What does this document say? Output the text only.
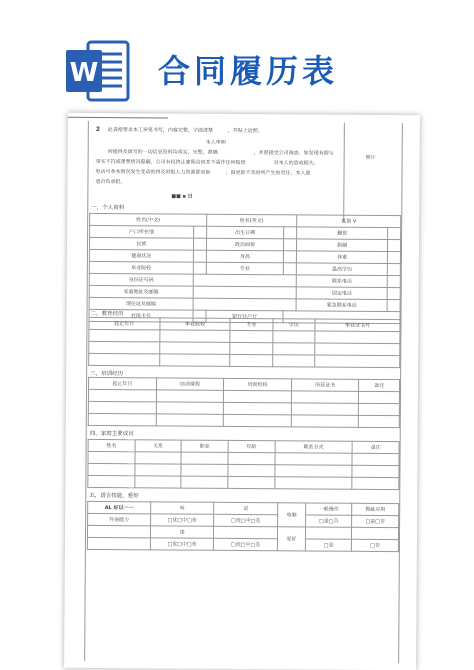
W 合同履历表
2 此表格要求本工亲笔书写，内容完整，字迹清楚	，并贴上近照。
本人申明
所提供及填写的一切信息资料均真实，完整，准确	，并愿接受公司调查。如发现有假与
事实不符或重要情况隐瞒，公司有权终止雇佣合同并不需作任何赔偿	对本人的造成损失。
电话号条本情况发生变动的将及时报人力资源部更新	；因更新不及时所产生的责任，本人愿
意自负承担。
■■ ▪ 日
照片
一，个人资料
姓名(中文)		姓名(英文)		性别 V	
户口所在地		出生日期		籍贯	
民族		政治面貌		婚姻	
健康状况		身高		体重	
毕业院校		专业		最高学历	
身份证号码				联系电话	
家庭地址及邮编				固定电话	
现住址及邮编				紧急联系电话	
社保卡号		银行开户行			
二，教育经历
起止年月	毕业院校	专业	学历	毕业证书号

三，培训经历
起止年月	培训课程	培训机构	所获证书	备注

四，家庭主要成员
姓名	关系	职业	年龄	联系方式	备注

五，语言技能，爱好
AL 好以一一	听	说	电脑	一般操作	熟练应用
外语能力	□优□中□差	□优□中□差		□是□否	□是□否
	读		爱好		
	□优□中□差	□优□中□差		□是	□否
